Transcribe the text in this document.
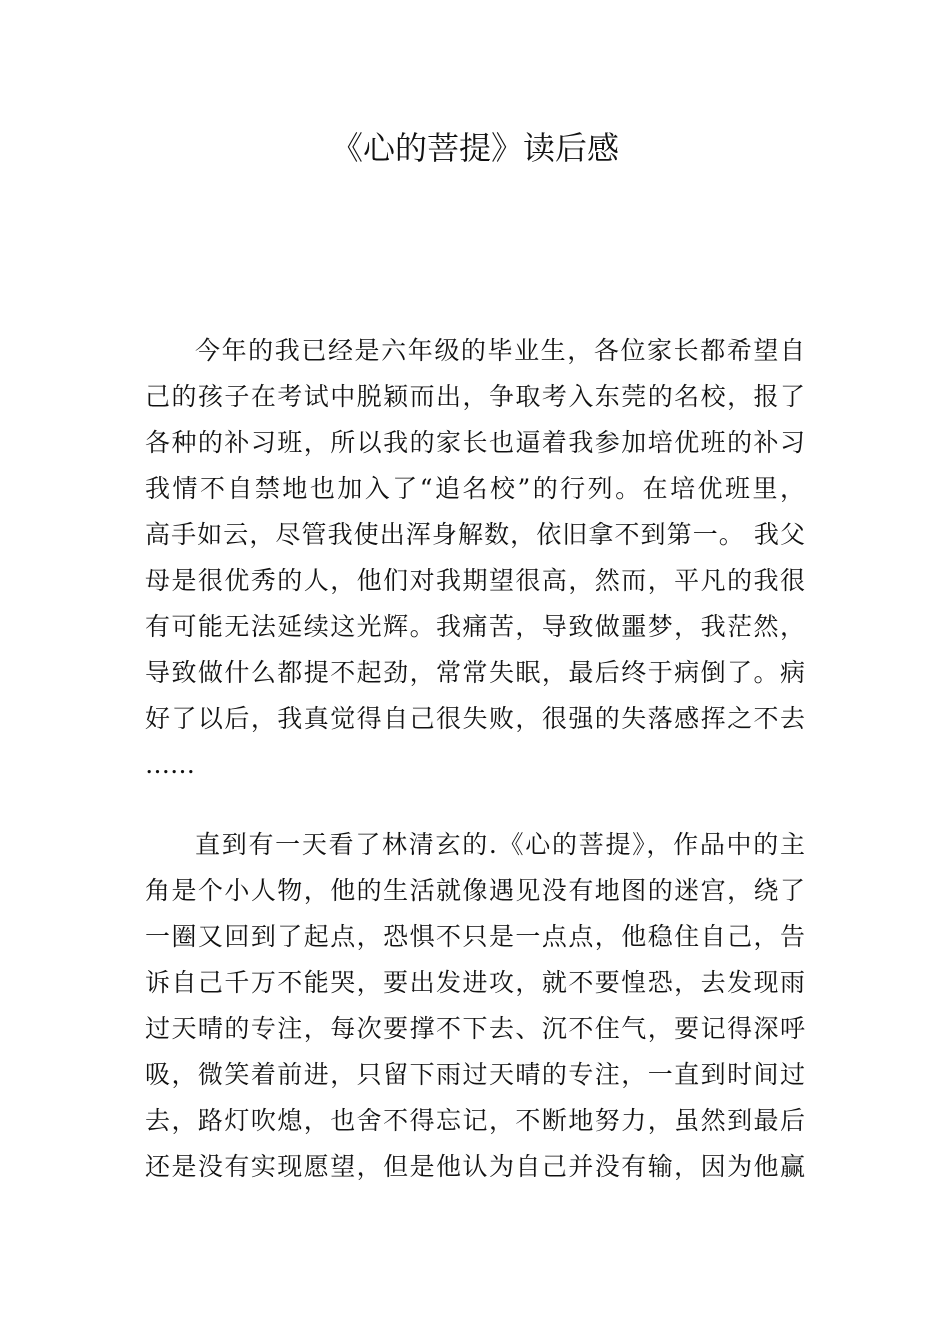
《心的菩提》读后感
今年的我已经是六年级的毕业生，各位家长都希望自
己的孩子在考试中脱颖而出，争取考入东莞的名校，报了
各种的补习班，所以我的家长也逼着我参加培优班的补习
我情不自禁地也加入了“追名校”的行列。在培优班里，
高手如云，尽管我使出浑身解数，依旧拿不到第一。 我父
母是很优秀的人，他们对我期望很高，然而，平凡的我很
有可能无法延续这光辉。我痛苦，导致做噩梦，我茫然，
导致做什么都提不起劲，常常失眠，最后终于病倒了。病
好了以后，我真觉得自己很失败，很强的失落感挥之不去
……
直到有一天看了林清玄的.《心的菩提》，作品中的主
角是个小人物，他的生活就像遇见没有地图的迷宫，绕了
一圈又回到了起点，恐惧不只是一点点，他稳住自己，告
诉自己千万不能哭，要出发进攻，就不要惶恐，去发现雨
过天晴的专注，每次要撑不下去、沉不住气，要记得深呼
吸，微笑着前进，只留下雨过天晴的专注，一直到时间过
去，路灯吹熄，也舍不得忘记，不断地努力，虽然到最后
还是没有实现愿望，但是他认为自己并没有输，因为他赢
